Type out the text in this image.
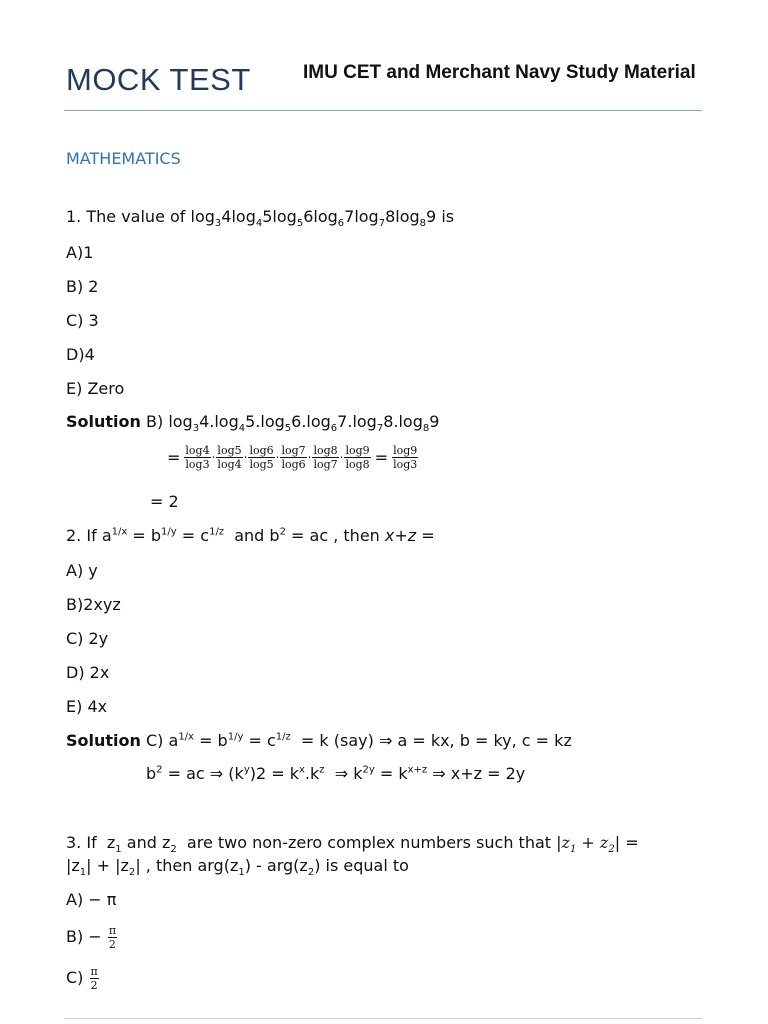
MOCK TEST	IMU CET and Merchant Navy Study Material
MATHEMATICS
1. The value of $\log_34\log_45\log_56\log_67\log_78\log_89$ is
A)1
B) 2
C) 3
D)4
E) Zero
Solution B) $\log_34.\log_45.\log_56.\log_67.\log_78.\log_89$
= $\frac{\log 4}{\log 3} \cdot \frac{\log 5}{\log 4} \cdot \frac{\log 6}{\log 5} \cdot \frac{\log 7}{\log 6} \cdot \frac{\log 8}{\log 7} \cdot \frac{\log 9}{\log 8} = \frac{\log 9}{\log 3}$
= 2
2. If $a^{1/x} = b^{1/y} = c^{1/z}$ and $b^2$ = ac , then x+z =
A) y
B)2xyz
C) 2y
D) 2x
E) 4x
Solution C) $a^{1/x} = b^{1/y} = c^{1/z} = k$ (say) ⇒ a = kx, b = ky, c = kz
$b^2$ = ac ⇒ $(k^y)2 = k^x.k^z$ ⇒ $k^{2y} = k^{x+z}$ ⇒ x+z = 2y
3. If $z_1$ and $z_2$ are two non-zero complex numbers such that $|z_1 + z_2|$ =
$|z_1| + |z_2|$ , then $arg(z_1) - arg(z_2)$ is equal to
A) − π
$B) - \frac{\pi}{2}$
$C) \frac{\pi}{2}$
